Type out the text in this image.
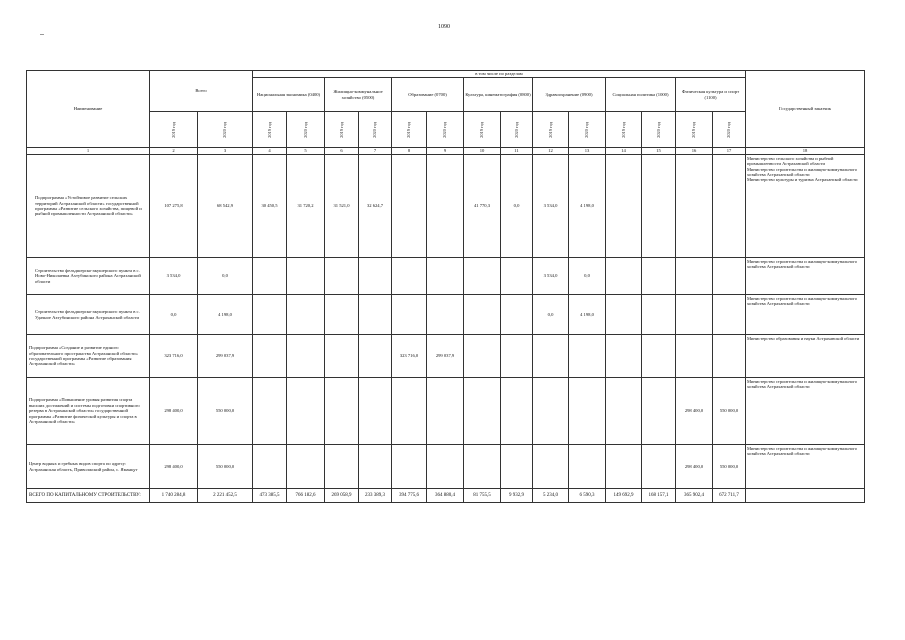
1090
Наименование	Всего		в том числе по разделам														Государственный заказчик
			Национальная экономика (0400)		Жилищно-коммунальное хозяйство (0500)		Образование (0700)		Культура, кинематография (0800)		Здравоохранение (0900)		Социальная политика (1000)		Физическая культура и спорт (1100)		

	2019 год	2020 год	2019 год	2020 год	2019 год	2020 год	2019 год	2020 год	2019 год	2020 год	2019 год	2020 год	2019 год	2020 год	2019 год	2020 год	

1	2	3	4	5	6	7	8	9	10	11	12	13	14	15	16	17	18
Подпрограмма «Устойчивое развитие сельских территорий Астраханской области» государственной программы «Развитие сельского хозяйства, пищевой и рыбной промышленности Астраханской области»	107 275,8	68 542,9	30 450,5	31 720,2	31 521,0	32 624,7			41 770,3	0,0	3 534,0	4 198,0					Министерство сельского хозяйства и рыбной промышленности Астраханской области
Министерство строительства и жилищно-коммунального хозяйства Астраханской области
Министерство культуры и туризма Астраханской области

Строительство фельдшерско-акушерского пункта в с. Ново-Николаевка Ахтубинского района Астраханской области	3 534,0	0,0									3 534,0	0,0					Министерство строительства и жилищно-коммунального хозяйства Астраханской области

Строительство фельдшерско-акушерского пункта в с. Удачное Ахтубинского района Астраханской области	0,0	4 198,0									0,0	4 198,0					Министерство строительства и жилищно-коммунального хозяйства Астраханской области

Подпрограмма «Создание и развитие единого образовательного пространства Астраханской области» государственной программы «Развитие образования Астраханской области»	323 716,0	299 037,9					323 716,0	299 037,9									Министерство образования и науки Астраханской области

Подпрограмма «Повышение уровня развития спорта высших достижений и системы подготовки спортивного резерва в Астраханской области» государственной программы «Развитие физической культуры и спорта в Астраханской области»	298 400,0	550 000,0													298 400,0	550 000,0	Министерство строительства и жилищно-коммунального хозяйства Астраханской области

Центр водных и гребных видов спорта по адресу: Астраханская область, Приволжский район, с. Яманцуг	298 400,0	550 000,0													298 400,0	550 000,0	Министерство строительства и жилищно-коммунального хозяйства Астраханской области

ВСЕГО ПО КАПИТАЛЬНОМУ СТРОИТЕЛЬСТВУ:	1 740 284,8	2 221 452,5	473 385,5	766 182,6	269 058,9	233 389,3	394 775,6	364 880,4	81 755,5	9 932,9	5 234,0	6 590,3	149 692,9	168 157,1	365 902,4	672 711,7	
